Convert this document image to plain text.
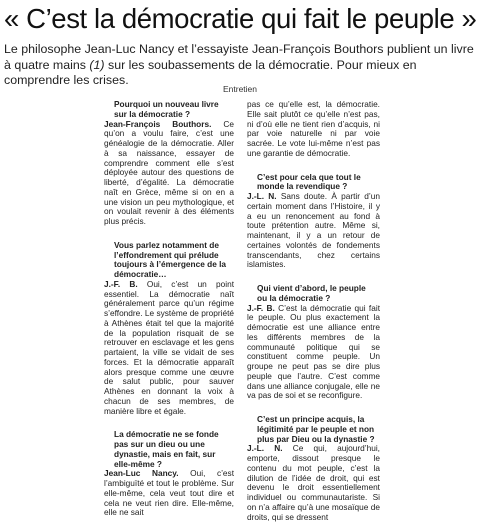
« C’est la démocratie qui fait le peuple »
Le philosophe Jean-Luc Nancy et l’essayiste Jean-François Bouthors publient un livre à quatre mains (1) sur les soubassements de la démocratie. Pour mieux en comprendre les crises.
Entretien

Pourquoi un nouveau livre sur la démocratie ?

Jean-François Bouthors. Ce qu’on a voulu faire, c’est une généalogie de la démocratie. Aller à sa naissance, essayer de comprendre comment elle s’est déployée autour des questions de liberté, d’égalité. La démocratie naît en Grèce, même si on en a une vision un peu mythologique, et on voulait revenir à des éléments plus précis.

Vous parlez notamment de l’effondrement qui prélude toujours à l’émergence de la démocratie…

J.-F. B. Oui, c’est un point essentiel. La démocratie naît généralement parce qu’un régime s’effondre. Le système de propriété à Athènes était tel que la majorité de la population risquait de se retrouver en esclavage et les gens partaient, la ville se vidait de ses forces. Et la démocratie apparaît alors presque comme une œuvre de salut public, pour sauver Athènes en donnant la voix à chacun de ses membres, de manière libre et égale.

La démocratie ne se fonde pas sur un dieu ou une dynastie, mais en fait, sur elle-même ?

Jean-Luc Nancy. Oui, c’est l’ambiguïté et tout le problème. Sur elle-même, cela veut tout dire et cela ne veut rien dire. Elle-même, elle ne sait

pas ce qu’elle est, la démocratie. Elle sait plutôt ce qu’elle n’est pas, ni d’où elle ne tient rien d’acquis, ni par voie naturelle ni par voie sacrée. Le vote lui-même n’est pas une garantie de démocratie.

C’est pour cela que tout le monde la revendique ?

J.-L. N. Sans doute. À partir d’un certain moment dans l’Histoire, il y a eu un renoncement au fond à toute prétention autre. Même si, maintenant, il y a un retour de certaines volontés de fondements transcendants, chez certains islamistes.

Qui vient d’abord, le peuple ou la démocratie ?

J.-F. B. C’est la démocratie qui fait le peuple. Ou plus exactement la démocratie est une alliance entre les différents membres de la communauté politique qui se constituent comme peuple. Un groupe ne peut pas se dire plus peuple que l’autre. C’est comme dans une alliance conjugale, elle ne va pas de soi et se reconfigure.

C’est un principe acquis, la légitimité par le peuple et non plus par Dieu ou la dynastie ?

J.-L. N. Ce qui, aujourd’hui, emporte, dissout presque le contenu du mot peuple, c’est la dilution de l’idée de droit, qui est devenu le droit essentiellement individuel ou communautariste. Si on n’a affaire qu’à une mosaïque de droits, qui se dressent
